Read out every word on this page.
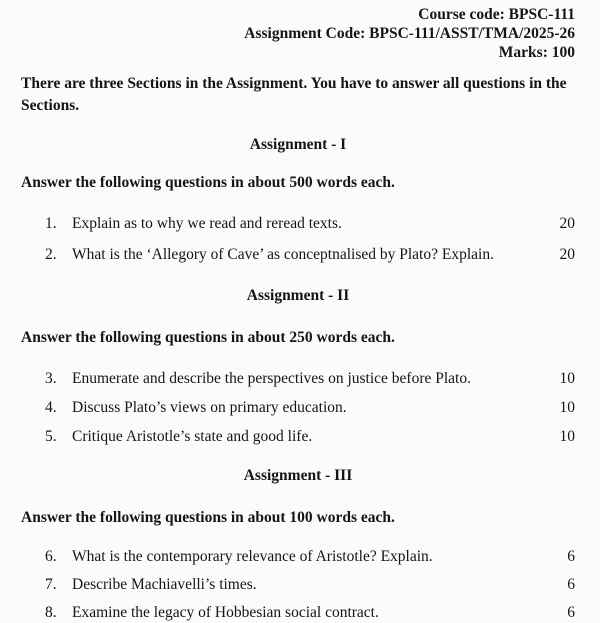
Course code: BPSC-111
Assignment Code: BPSC-111/ASST/TMA/2025-26
Marks: 100

There are three Sections in the Assignment. You have to answer all questions in the Sections.

Assignment - I
Answer the following questions in about 500 words each.
1. Explain as to why we read and reread texts.	20
2. What is the ‘Allegory of Cave’ as conceptnalised by Plato? Explain.	20
Assignment - II
Answer the following questions in about 250 words each.
3. Enumerate and describe the perspectives on justice before Plato.	10
4. Discuss Plato’s views on primary education.	10
5. Critique Aristotle’s state and good life.	10
Assignment - III
Answer the following questions in about 100 words each.
6. What is the contemporary relevance of Aristotle? Explain.	6
7. Describe Machiavelli’s times.	6
8. Examine the legacy of Hobbesian social contract.	6
